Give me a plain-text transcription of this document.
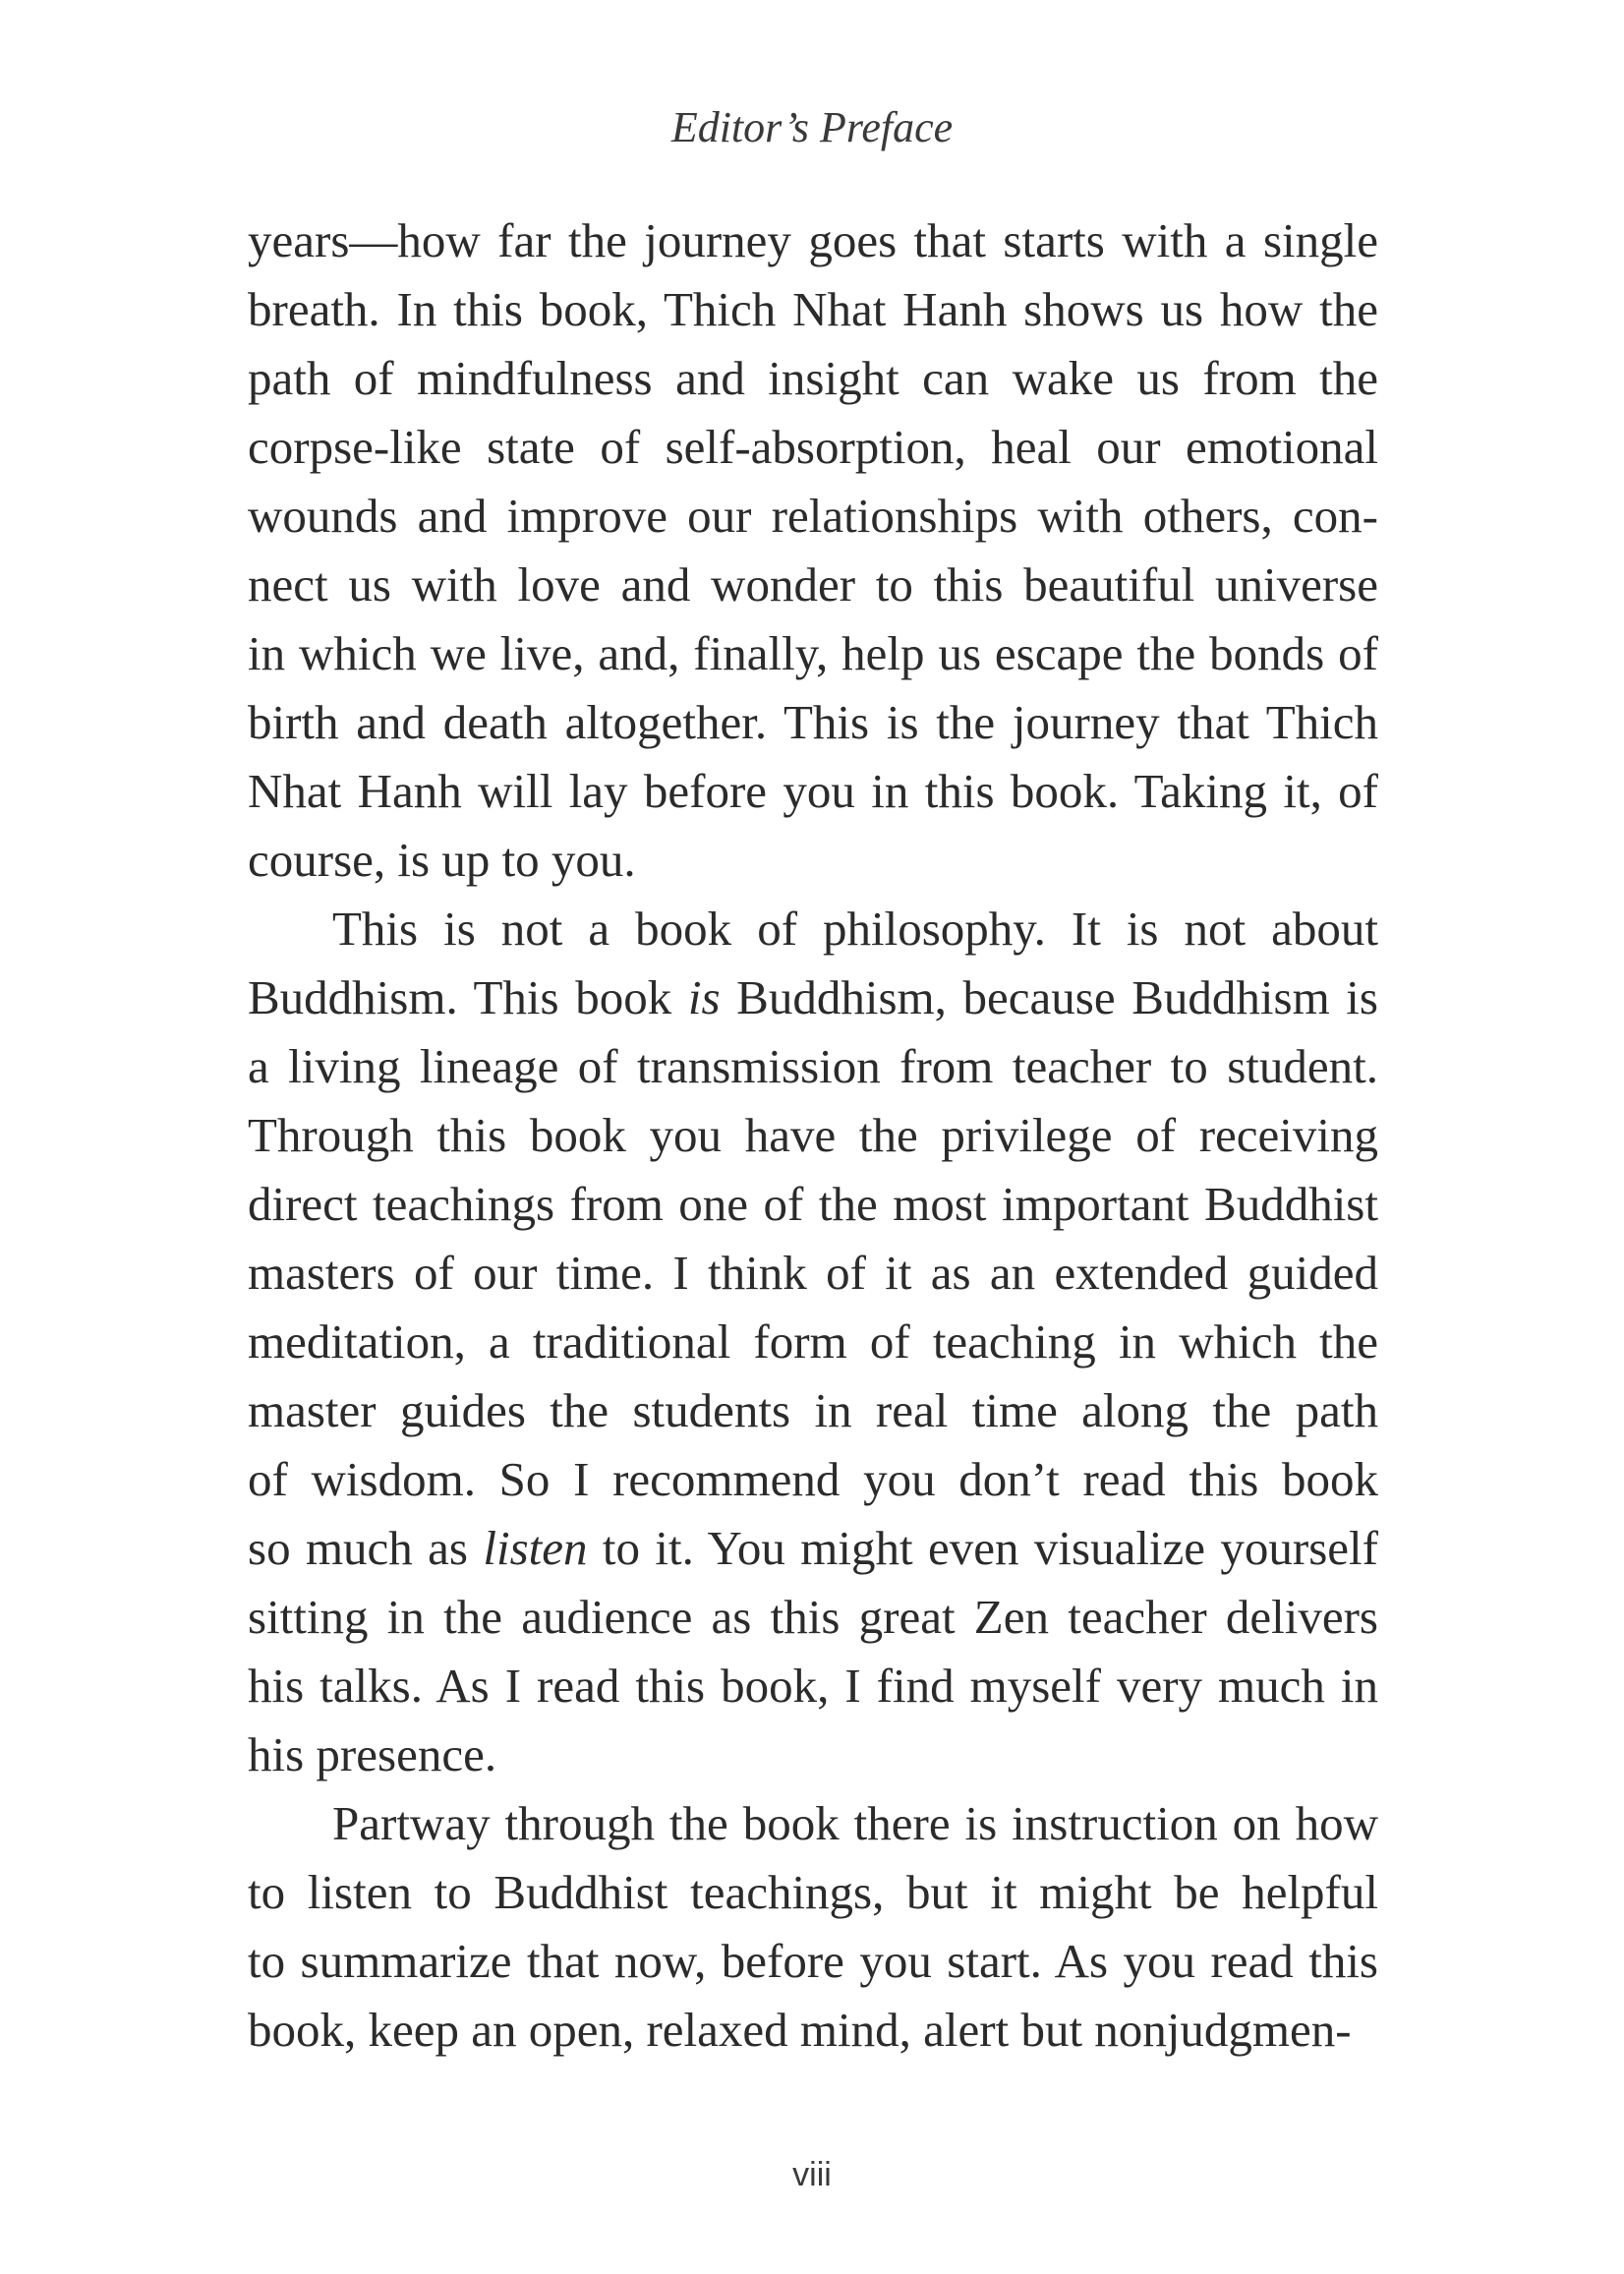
Editor’s Preface
years—how far the journey goes that starts with a single
breath. In this book, Thich Nhat Hanh shows us how the
path of mindfulness and insight can wake us from the
corpse-like state of self-absorption, heal our emotional
wounds and improve our relationships with others, con-
nect us with love and wonder to this beautiful universe
in which we live, and, finally, help us escape the bonds of
birth and death altogether. This is the journey that Thich
Nhat Hanh will lay before you in this book. Taking it, of
course, is up to you.
This is not a book of philosophy. It is not about
Buddhism. This book is Buddhism, because Buddhism is
a living lineage of transmission from teacher to student.
Through this book you have the privilege of receiving
direct teachings from one of the most important Buddhist
masters of our time. I think of it as an extended guided
meditation, a traditional form of teaching in which the
master guides the students in real time along the path
of wisdom. So I recommend you don’t read this book
so much as listen to it. You might even visualize yourself
sitting in the audience as this great Zen teacher delivers
his talks. As I read this book, I find myself very much in
his presence.
Partway through the book there is instruction on how
to listen to Buddhist teachings, but it might be helpful
to summarize that now, before you start. As you read this
book, keep an open, relaxed mind, alert but nonjudgmen-
viii
